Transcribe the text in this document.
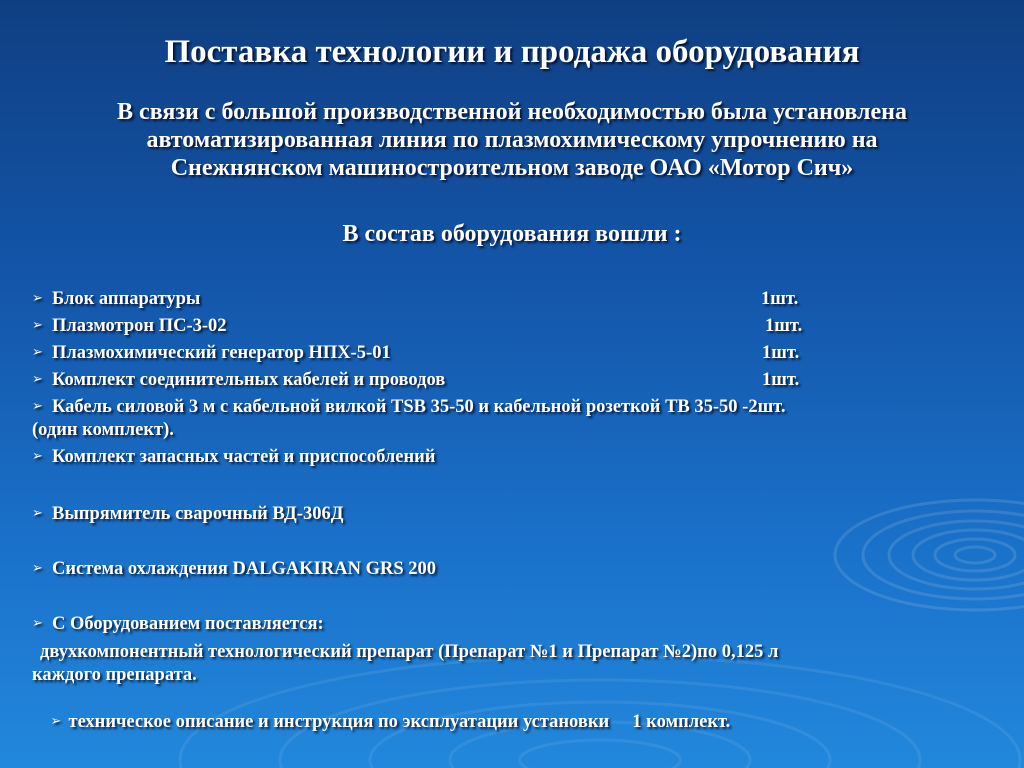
Поставка технологии и продажа оборудования
В связи с большой производственной необходимостью была установлена
автоматизированная линия по плазмохимическому упрочнению на
Снежнянском машиностроительном заводе ОАО «Мотор Сич»
В состав оборудования вошли :
➢ Блок аппаратуры	1шт.
➢ Плазмотрон ПС-3-02	1шт.
➢ Плазмохимический генератор НПХ-5-01	1шт.
➢ Комплект соединительных кабелей и проводов	1шт.
➢ Кабель силовой 3 м с кабельной вилкой TSB 35-50 и кабельной розеткой ТВ 35-50 -2шт.
(один комплект).
➢ Комплект запасных частей и приспособлений
➢ Выпрямитель сварочный ВД-306Д
➢ Система охлаждения DALGAKIRAN GRS 200
➢ С Оборудованием поставляется:
двухкомпонентный технологический препарат (Препарат №1 и Препарат №2)по 0,125 л
каждого препарата.

➢ техническое описание и инструкция по эксплуатации установки     1 комплект.
